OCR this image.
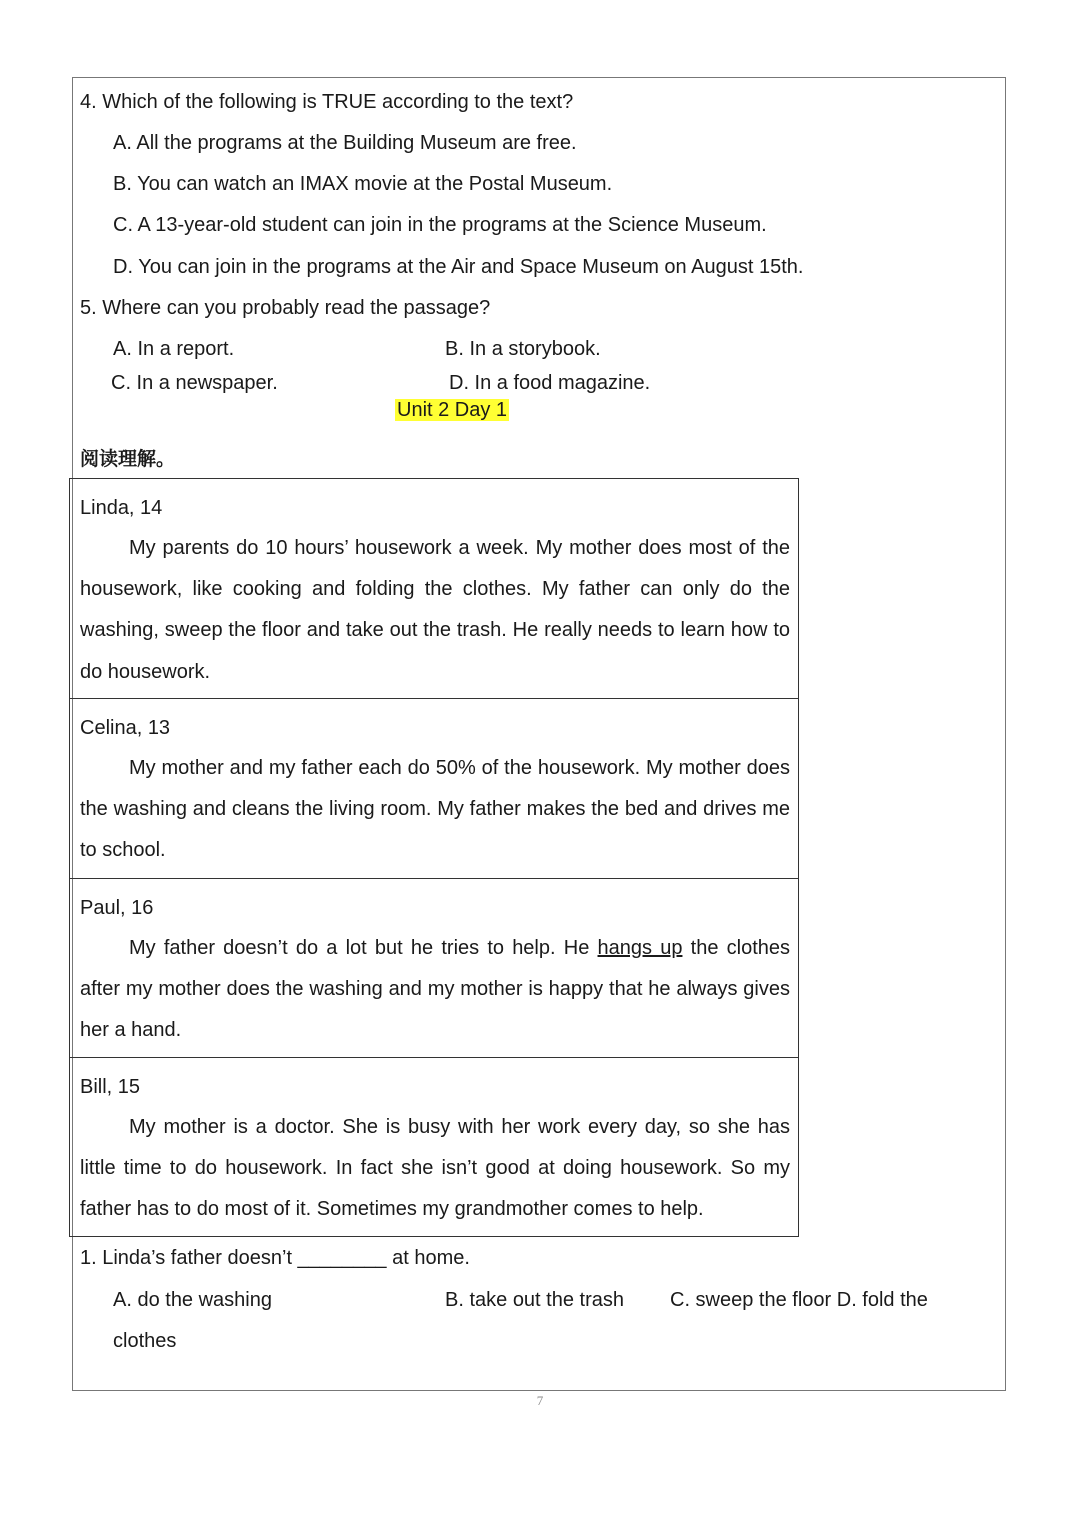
4. Which of the following is TRUE according to the text?
A. All the programs at the Building Museum are free.
B. You can watch an IMAX movie at the Postal Museum.
C. A 13-year-old student can join in the programs at the Science Museum.
D. You can join in the programs at the Air and Space Museum on August 15th.
5. Where can you probably read the passage?
A. In a report.	B. In a storybook.
C. In a newspaper.	D. In a food magazine.
Unit 2 Day 1
阅读理解。
Linda, 14
My parents do 10 hours’ housework a week. My mother does most of the housework, like cooking and folding the clothes. My father can only do the washing, sweep the floor and take out the trash. He really needs to learn how to do housework.
Celina, 13
My mother and my father each do 50% of the housework. My mother does the washing and cleans the living room. My father makes the bed and drives me to school.
Paul, 16
My father doesn’t do a lot but he tries to help. He hangs up the clothes after my mother does the washing and my mother is happy that he always gives her a hand.
Bill, 15
My mother is a doctor. She is busy with her work every day, so she has little time to do housework. In fact she isn’t good at doing housework. So my father has to do most of it. Sometimes my grandmother comes to help.
1. Linda’s father doesn’t ________ at home.
A. do the washing	B. take out the trash C. sweep the floor D. fold the
clothes
7
